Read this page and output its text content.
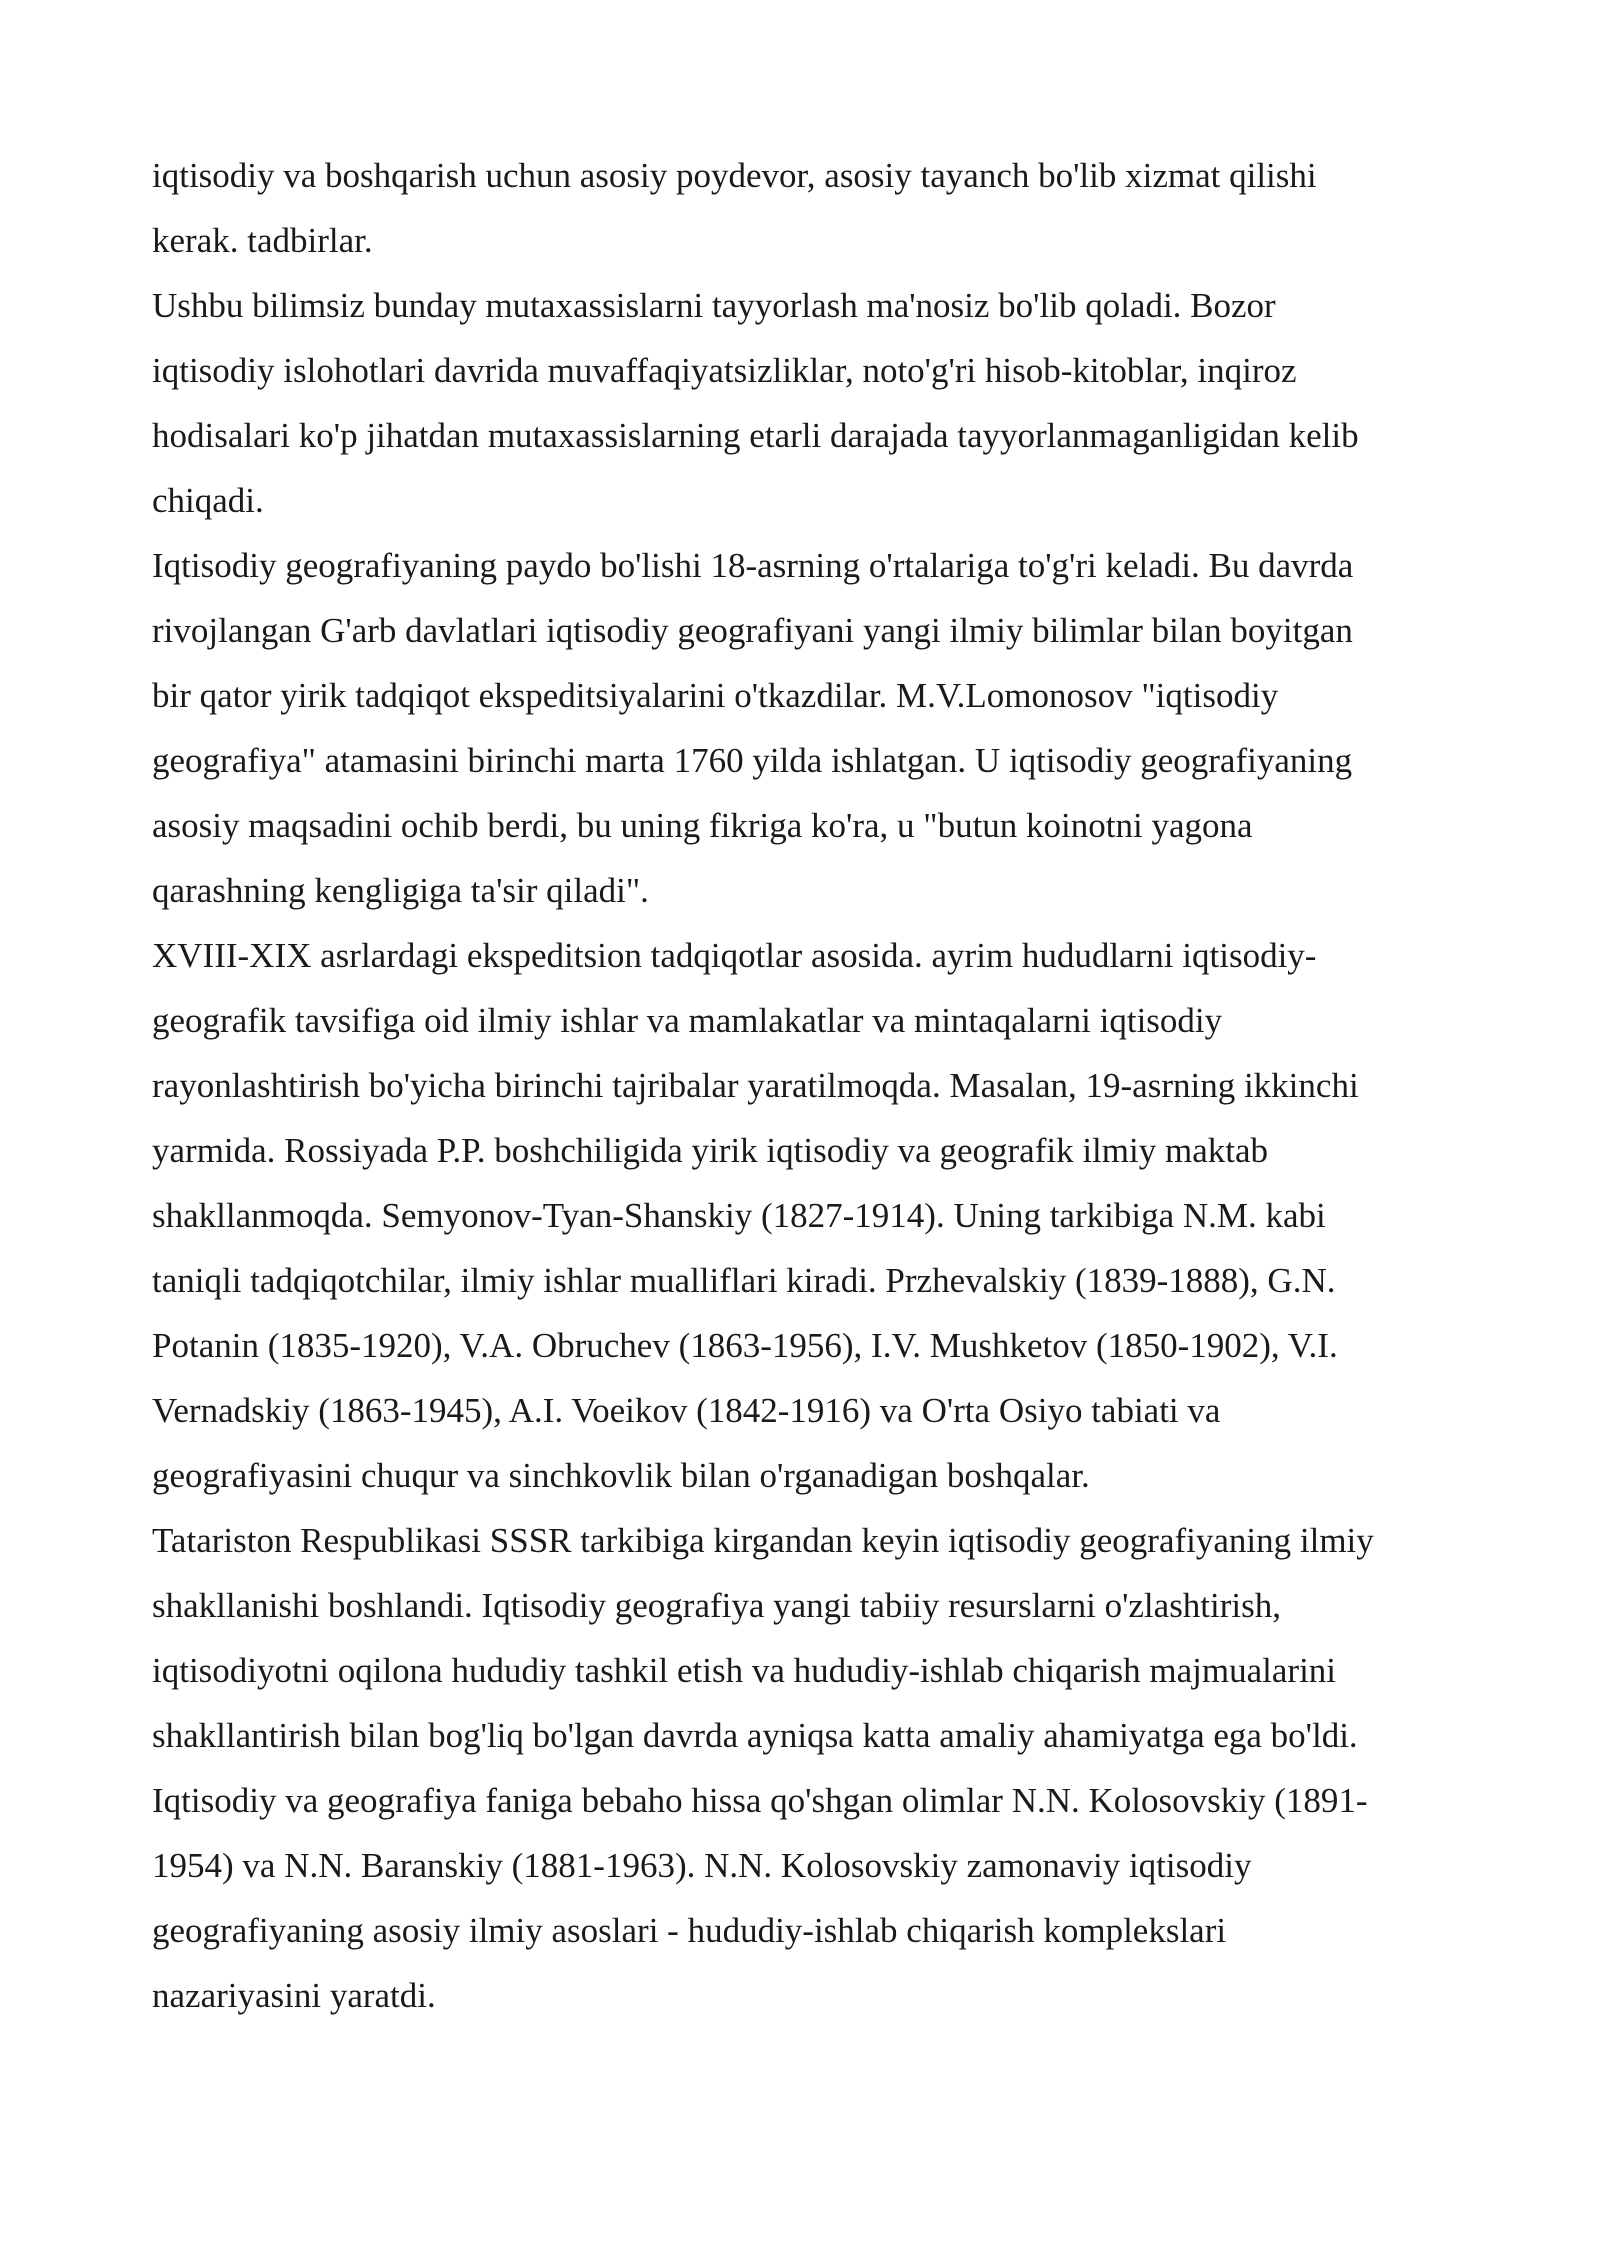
iqtisodiy va boshqarish uchun asosiy poydevor, asosiy tayanch bo'lib xizmat qilishi
kerak. tadbirlar.
Ushbu bilimsiz bunday mutaxassislarni tayyorlash ma'nosiz bo'lib qoladi. Bozor
iqtisodiy islohotlari davrida muvaffaqiyatsizliklar, noto'g'ri hisob-kitoblar, inqiroz
hodisalari ko'p jihatdan mutaxassislarning etarli darajada tayyorlanmaganligidan kelib
chiqadi.
Iqtisodiy geografiyaning paydo bo'lishi 18-asrning o'rtalariga to'g'ri keladi. Bu davrda
rivojlangan G'arb davlatlari iqtisodiy geografiyani yangi ilmiy bilimlar bilan boyitgan
bir qator yirik tadqiqot ekspeditsiyalarini o'tkazdilar. M.V.Lomonosov "iqtisodiy
geografiya" atamasini birinchi marta 1760 yilda ishlatgan. U iqtisodiy geografiyaning
asosiy maqsadini ochib berdi, bu uning fikriga ko'ra, u "butun koinotni yagona
qarashning kengligiga ta'sir qiladi".
XVIII-XIX asrlardagi ekspeditsion tadqiqotlar asosida. ayrim hududlarni iqtisodiy-
geografik tavsifiga oid ilmiy ishlar va mamlakatlar va mintaqalarni iqtisodiy
rayonlashtirish bo'yicha birinchi tajribalar yaratilmoqda. Masalan, 19-asrning ikkinchi
yarmida. Rossiyada P.P. boshchiligida yirik iqtisodiy va geografik ilmiy maktab
shakllanmoqda. Semyonov-Tyan-Shanskiy (1827-1914). Uning tarkibiga N.M. kabi
taniqli tadqiqotchilar, ilmiy ishlar mualliflari kiradi. Przhevalskiy (1839-1888), G.N.
Potanin (1835-1920), V.A. Obruchev (1863-1956), I.V. Mushketov (1850-1902), V.I.
Vernadskiy (1863-1945), A.I. Voeikov (1842-1916) va O'rta Osiyo tabiati va
geografiyasini chuqur va sinchkovlik bilan o'rganadigan boshqalar.
Tatariston Respublikasi SSSR tarkibiga kirgandan keyin iqtisodiy geografiyaning ilmiy
shakllanishi boshlandi. Iqtisodiy geografiya yangi tabiiy resurslarni o'zlashtirish,
iqtisodiyotni oqilona hududiy tashkil etish va hududiy-ishlab chiqarish majmualarini
shakllantirish bilan bog'liq bo'lgan davrda ayniqsa katta amaliy ahamiyatga ega bo'ldi.
Iqtisodiy va geografiya faniga bebaho hissa qo'shgan olimlar N.N. Kolosovskiy (1891-
1954) va N.N. Baranskiy (1881-1963). N.N. Kolosovskiy zamonaviy iqtisodiy
geografiyaning asosiy ilmiy asoslari - hududiy-ishlab chiqarish komplekslari
nazariyasini yaratdi.
